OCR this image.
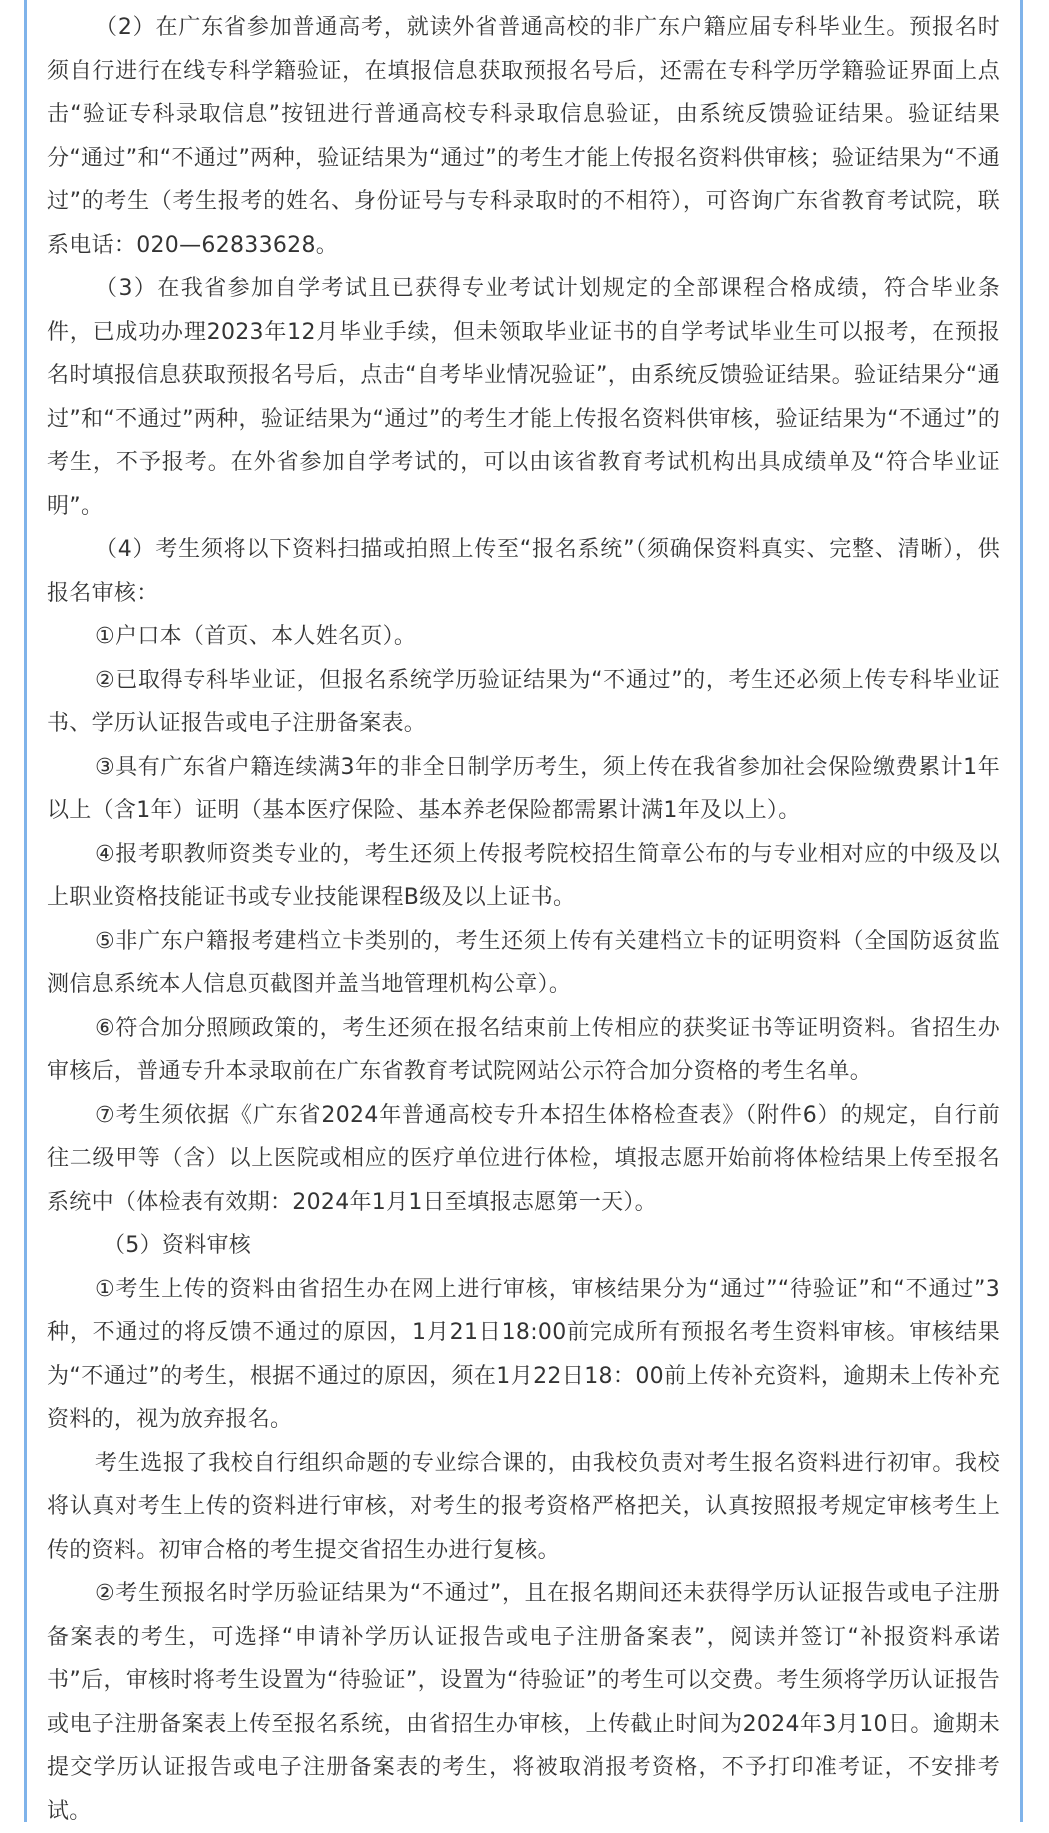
（2）在广东省参加普通高考，就读外省普通高校的非广东户籍应届专科毕业生。预报名时须自行进行在线专科学籍验证，在填报信息获取预报名号后，还需在专科学历学籍验证界面上点击“验证专科录取信息”按钮进行普通高校专科录取信息验证，由系统反馈验证结果。验证结果分“通过”和“不通过”两种，验证结果为“通过”的考生才能上传报名资料供审核；验证结果为“不通过”的考生（考生报考的姓名、身份证号与专科录取时的不相符），可咨询广东省教育考试院，联系电话：020—62833628。

（3）在我省参加自学考试且已获得专业考试计划规定的全部课程合格成绩，符合毕业条件，已成功办理2023年12月毕业手续，但未领取毕业证书的自学考试毕业生可以报考，在预报名时填报信息获取预报名号后，点击“自考毕业情况验证”，由系统反馈验证结果。验证结果分“通过”和“不通过”两种，验证结果为“通过”的考生才能上传报名资料供审核，验证结果为“不通过”的考生，不予报考。在外省参加自学考试的，可以由该省教育考试机构出具成绩单及“符合毕业证明”。

（4）考生须将以下资料扫描或拍照上传至“报名系统”（须确保资料真实、完整、清晰），供报名审核：

①户口本（首页、本人姓名页）。

②已取得专科毕业证，但报名系统学历验证结果为“不通过”的，考生还必须上传专科毕业证书、学历认证报告或电子注册备案表。

③具有广东省户籍连续满3年的非全日制学历考生，须上传在我省参加社会保险缴费累计1年以上（含1年）证明（基本医疗保险、基本养老保险都需累计满1年及以上）。

④报考职教师资类专业的，考生还须上传报考院校招生简章公布的与专业相对应的中级及以上职业资格技能证书或专业技能课程B级及以上证书。

⑤非广东户籍报考建档立卡类别的，考生还须上传有关建档立卡的证明资料（全国防返贫监测信息系统本人信息页截图并盖当地管理机构公章）。

⑥符合加分照顾政策的，考生还须在报名结束前上传相应的获奖证书等证明资料。省招生办审核后，普通专升本录取前在广东省教育考试院网站公示符合加分资格的考生名单。

⑦考生须依据《广东省2024年普通高校专升本招生体格检查表》（附件6）的规定，自行前往二级甲等（含）以上医院或相应的医疗单位进行体检，填报志愿开始前将体检结果上传至报名系统中（体检表有效期：2024年1月1日至填报志愿第一天）。

（5）资料审核

①考生上传的资料由省招生办在网上进行审核，审核结果分为“通过”“待验证”和“不通过”3种，不通过的将反馈不通过的原因，1月21日18:00前完成所有预报名考生资料审核。审核结果为“不通过”的考生，根据不通过的原因，须在1月22日18：00前上传补充资料，逾期未上传补充资料的，视为放弃报名。

考生选报了我校自行组织命题的专业综合课的，由我校负责对考生报名资料进行初审。我校将认真对考生上传的资料进行审核，对考生的报考资格严格把关，认真按照报考规定审核考生上传的资料。初审合格的考生提交省招生办进行复核。

②考生预报名时学历验证结果为“不通过”，且在报名期间还未获得学历认证报告或电子注册备案表的考生，可选择“申请补学历认证报告或电子注册备案表”，阅读并签订“补报资料承诺书”后，审核时将考生设置为“待验证”，设置为“待验证”的考生可以交费。考生须将学历认证报告或电子注册备案表上传至报名系统，由省招生办审核，上传截止时间为2024年3月10日。逾期未提交学历认证报告或电子注册备案表的考生，将被取消报考资格，不予打印准考证，不安排考试。
